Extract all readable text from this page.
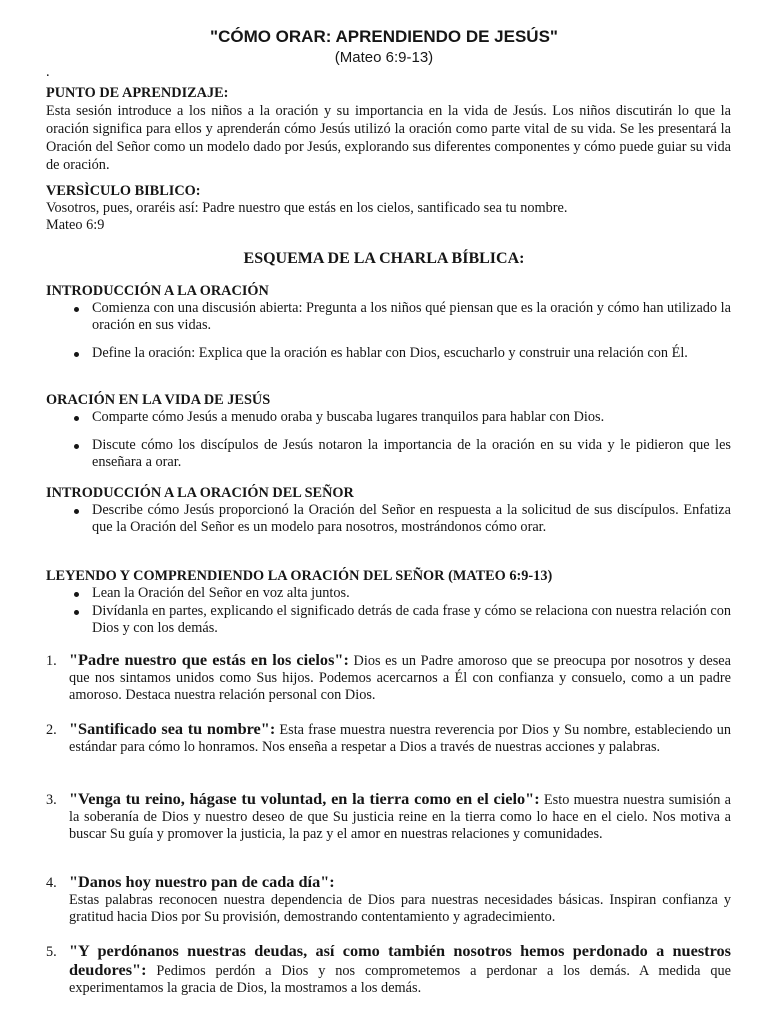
"CÓMO ORAR: APRENDIENDO DE JESÚS"
(Mateo 6:9-13)
.
PUNTO DE APRENDIZAJE:
Esta sesión introduce a los niños a la oración y su importancia en la vida de Jesús. Los niños discutirán lo que la oración significa para ellos y aprenderán cómo Jesús utilizó la oración como parte vital de su vida. Se les presentará la Oración del Señor como un modelo dado por Jesús, explorando sus diferentes componentes y cómo puede guiar su vida de oración.
VERSÌCULO BIBLICO:
Vosotros, pues, oraréis así: Padre nuestro que estás en los cielos, santificado sea tu nombre.
Mateo 6:9
ESQUEMA DE LA CHARLA BÍBLICA:
INTRODUCCIÓN A LA ORACIÓN
Comienza con una discusión abierta: Pregunta a los niños qué piensan que es la oración y cómo han utilizado la oración en sus vidas.
Define la oración: Explica que la oración es hablar con Dios, escucharlo y construir una relación con Él.
ORACIÓN EN LA VIDA DE JESÚS
Comparte cómo Jesús a menudo oraba y buscaba lugares tranquilos para hablar con Dios.
Discute cómo los discípulos de Jesús notaron la importancia de la oración en su vida y le pidieron que les enseñara a orar.
INTRODUCCIÓN A LA ORACIÓN DEL SEÑOR
Describe cómo Jesús proporcionó la Oración del Señor en respuesta a la solicitud de sus discípulos. Enfatiza que la Oración del Señor es un modelo para nosotros, mostrándonos cómo orar.
LEYENDO Y COMPRENDIENDO LA ORACIÓN DEL SEÑOR (MATEO 6:9-13)
Lean la Oración del Señor en voz alta juntos.
Divídanla en partes, explicando el significado detrás de cada frase y cómo se relaciona con nuestra relación con Dios y con los demás.
1. "Padre nuestro que estás en los cielos": Dios es un Padre amoroso que se preocupa por nosotros y desea que nos sintamos unidos como Sus hijos. Podemos acercarnos a Él con confianza y consuelo, como a un padre amoroso. Destaca nuestra relación personal con Dios.
2. "Santificado sea tu nombre": Esta frase muestra nuestra reverencia por Dios y Su nombre, estableciendo un estándar para cómo lo honramos. Nos enseña a respetar a Dios a través de nuestras acciones y palabras.
3. "Venga tu reino, hágase tu voluntad, en la tierra como en el cielo": Esto muestra nuestra sumisión a la soberanía de Dios y nuestro deseo de que Su justicia reine en la tierra como lo hace en el cielo. Nos motiva a buscar Su guía y promover la justicia, la paz y el amor en nuestras relaciones y comunidades.
4. "Danos hoy nuestro pan de cada día":
Estas palabras reconocen nuestra dependencia de Dios para nuestras necesidades básicas. Inspiran confianza y gratitud hacia Dios por Su provisión, demostrando contentamiento y agradecimiento.
5. "Y perdónanos nuestras deudas, así como también nosotros hemos perdonado a nuestros deudores": Pedimos perdón a Dios y nos comprometemos a perdonar a los demás. A medida que experimentamos la gracia de Dios, la mostramos a los demás.
